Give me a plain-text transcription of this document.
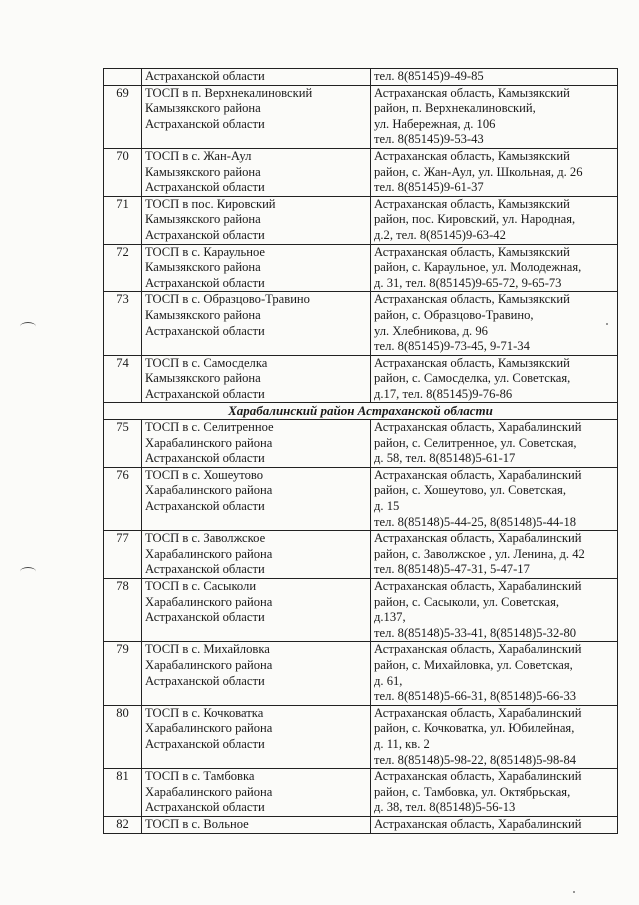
	Астраханской области	тел. 8(85145)9-49-85

69	ТОСП в п. Верхнекалиновский
Камызякского района
Астраханской области	Астраханская область, Камызякский
район, п. Верхнекалиновский,
ул. Набережная, д. 106
тел. 8(85145)9-53-43

70	ТОСП в с. Жан-Аул
Камызякского района
Астраханской области	Астраханская область, Камызякский
район, с. Жан-Аул, ул. Школьная, д. 26
тел. 8(85145)9-61-37

71	ТОСП в пос. Кировский
Камызякского района
Астраханской области	Астраханская область, Камызякский
район, пос. Кировский, ул. Народная,
д.2, тел. 8(85145)9-63-42

72	ТОСП в с. Караульное
Камызякского района
Астраханской области	Астраханская область, Камызякский
район, с. Караульное, ул. Молодежная,
д. 31, тел. 8(85145)9-65-72, 9-65-73

73	ТОСП в с. Образцово-Травино
Камызякского района
Астраханской области	Астраханская область, Камызякский
район, с. Образцово-Травино,
ул. Хлебникова, д. 96
тел. 8(85145)9-73-45, 9-71-34

74	ТОСП в с. Самосделка
Камызякского района
Астраханской области	Астраханская область, Камызякский
район, с. Самосделка, ул. Советская,
д.17, тел. 8(85145)9-76-86

Харабалинский район Астраханской области		
75	ТОСП в с. Селитренное
Харабалинского района
Астраханской области	Астраханская область, Харабалинский
район, с. Селитренное, ул. Советская,
д. 58, тел. 8(85148)5-61-17

76	ТОСП в с. Хошеутово
Харабалинского района
Астраханской области	Астраханская область, Харабалинский
район, с. Хошеутово, ул. Советская,
д. 15
тел. 8(85148)5-44-25, 8(85148)5-44-18

77	ТОСП в с. Заволжское
Харабалинского района
Астраханской области	Астраханская область, Харабалинский
район, с. Заволжское , ул. Ленина, д. 42
тел. 8(85148)5-47-31, 5-47-17

78	ТОСП в с. Сасыколи
Харабалинского района
Астраханской области	Астраханская область, Харабалинский
район, с. Сасыколи, ул. Советская,
д.137,
тел. 8(85148)5-33-41, 8(85148)5-32-80

79	ТОСП в с. Михайловка
Харабалинского района
Астраханской области	Астраханская область, Харабалинский
район, с. Михайловка, ул. Советская,
д. 61,
тел. 8(85148)5-66-31, 8(85148)5-66-33

80	ТОСП в с. Кочковатка
Харабалинского района
Астраханской области	Астраханская область, Харабалинский
район, с. Кочковатка, ул. Юбилейная,
д. 11, кв. 2
тел. 8(85148)5-98-22, 8(85148)5-98-84

81	ТОСП в с. Тамбовка
Харабалинского района
Астраханской области	Астраханская область, Харабалинский
район, с. Тамбовка, ул. Октябрьская,
д. 38, тел. 8(85148)5-56-13

82	ТОСП в с. Вольное	Астраханская область, Харабалинский
